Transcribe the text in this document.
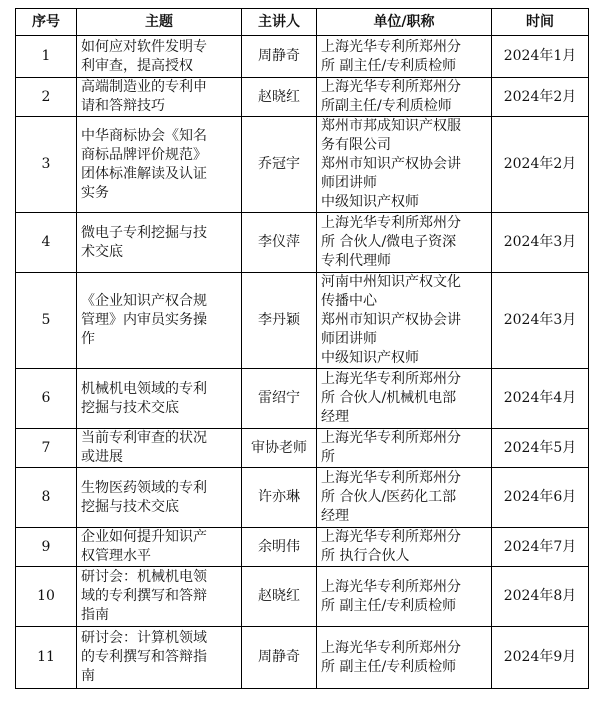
序号	主题	主讲人	单位/职称	时间
1	如何应对软件发明专
利审查，提高授权	周静奇	上海光华专利所郑州分
所 副主任/专利质检师	2024年1月
2	高端制造业的专利申
请和答辩技巧	赵晓红	上海光华专利所郑州分
所副主任/专利质检师	2024年2月
3	中华商标协会《知名
商标品牌评价规范》
团体标准解读及认证
实务	乔冠宇	郑州市邦成知识产权服
务有限公司
郑州市知识产权协会讲
师团讲师
中级知识产权师	2024年2月
4	微电子专利挖掘与技
术交底	李仪萍	上海光华专利所郑州分
所 合伙人/微电子资深
专利代理师	2024年3月
5	《企业知识产权合规
管理》内审员实务操
作	李丹颖	河南中州知识产权文化
传播中心
郑州市知识产权协会讲
师团讲师
中级知识产权师	2024年3月
6	机械机电领域的专利
挖掘与技术交底	雷绍宁	上海光华专利所郑州分
所 合伙人/机械机电部
经理	2024年4月
7	当前专利审查的状况
或进展	审协老师	上海光华专利所郑州分
所	2024年5月
8	生物医药领域的专利
挖掘与技术交底	许亦琳	上海光华专利所郑州分
所 合伙人/医药化工部
经理	2024年6月
9	企业如何提升知识产
权管理水平	余明伟	上海光华专利所郑州分
所 执行合伙人	2024年7月
10	研讨会：机械机电领
域的专利撰写和答辩
指南	赵晓红	上海光华专利所郑州分
所 副主任/专利质检师	2024年8月
11	研讨会：计算机领域
的专利撰写和答辩指
南	周静奇	上海光华专利所郑州分
所 副主任/专利质检师	2024年9月
